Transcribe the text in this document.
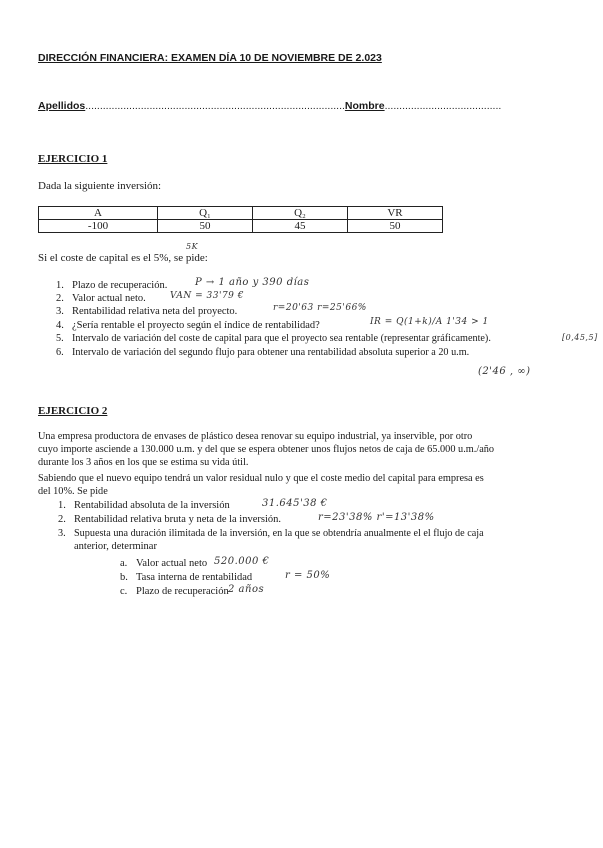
DIRECCIÓN FINANCIERA: EXAMEN DÍA 10 DE NOVIEMBRE DE 2.023
Apellidos.........................................................................................Nombre........................................
EJERCICIO 1
Dada la siguiente inversión:
A	Q₁	Q₂	VR
-100	50	45	50
5K
Si el coste de capital es el 5%, se pide:
1. Plazo de recuperación.	P → 1 año y 390 días
2. Valor actual neto.	VAN = 33'79 €
3. Rentabilidad relativa neta del proyecto.	r=20'63 r=25'66%
4. ¿Sería rentable el proyecto según el índice de rentabilidad?	IR = Q(1+k)/A 1'34 > 1
5. Intervalo de variación del coste de capital para que el proyecto sea rentable (representar gráficamente).	[0,45,5]
6. Intervalo de variación del segundo flujo para obtener una rentabilidad absoluta superior a 20 u.m.
(2'46 , ∞)
EJERCICIO 2
Una empresa productora de envases de plástico desea renovar su equipo industrial, ya inservible, por otro
cuyo importe asciende a 130.000 u.m. y del que se espera obtener unos flujos netos de caja de 65.000 u.m./año
durante los 3 años en los que se estima su vida útil.
Sabiendo que el nuevo equipo tendrá un valor residual nulo y que el coste medio del capital para empresa es
del 10%. Se pide
1. Rentabilidad absoluta de la inversión	31.645'38 €
2. Rentabilidad relativa bruta y neta de la inversión.	r=23'38% r'=13'38%
3. Supuesta una duración ilimitada de la inversión, en la que se obtendría anualmente el el flujo de caja
anterior, determinar
a. Valor actual neto 520.000 €
b. Tasa interna de rentabilidad	r = 50%
c. Plazo de recuperación 2 años
